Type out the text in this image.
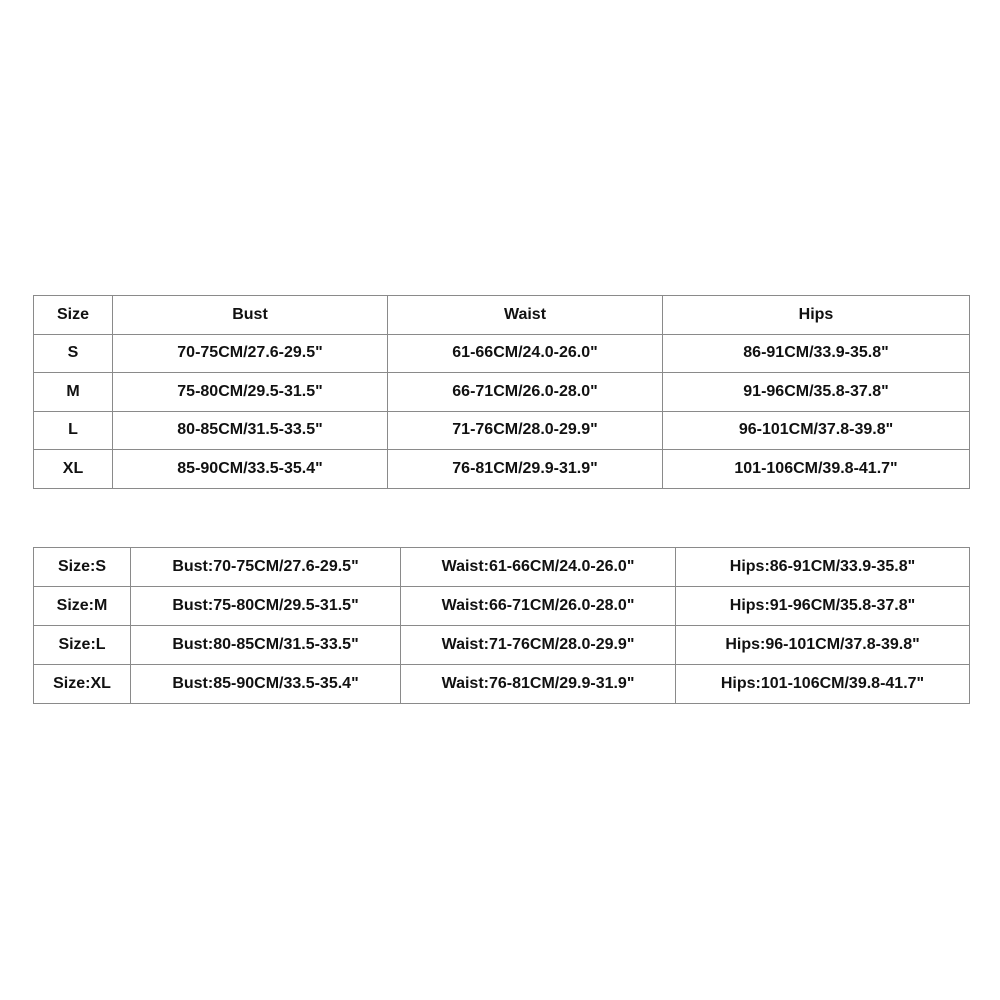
Size	Bust	Waist	Hips
S	70-75CM/27.6-29.5"	61-66CM/24.0-26.0"	86-91CM/33.9-35.8"
M	75-80CM/29.5-31.5"	66-71CM/26.0-28.0"	91-96CM/35.8-37.8"
L	80-85CM/31.5-33.5"	71-76CM/28.0-29.9"	96-101CM/37.8-39.8"
XL	85-90CM/33.5-35.4"	76-81CM/29.9-31.9"	101-106CM/39.8-41.7"
Size:S	Bust:70-75CM/27.6-29.5"	Waist:61-66CM/24.0-26.0"	Hips:86-91CM/33.9-35.8"
Size:M	Bust:75-80CM/29.5-31.5"	Waist:66-71CM/26.0-28.0"	Hips:91-96CM/35.8-37.8"
Size:L	Bust:80-85CM/31.5-33.5"	Waist:71-76CM/28.0-29.9"	Hips:96-101CM/37.8-39.8"
Size:XL	Bust:85-90CM/33.5-35.4"	Waist:76-81CM/29.9-31.9"	Hips:101-106CM/39.8-41.7"
